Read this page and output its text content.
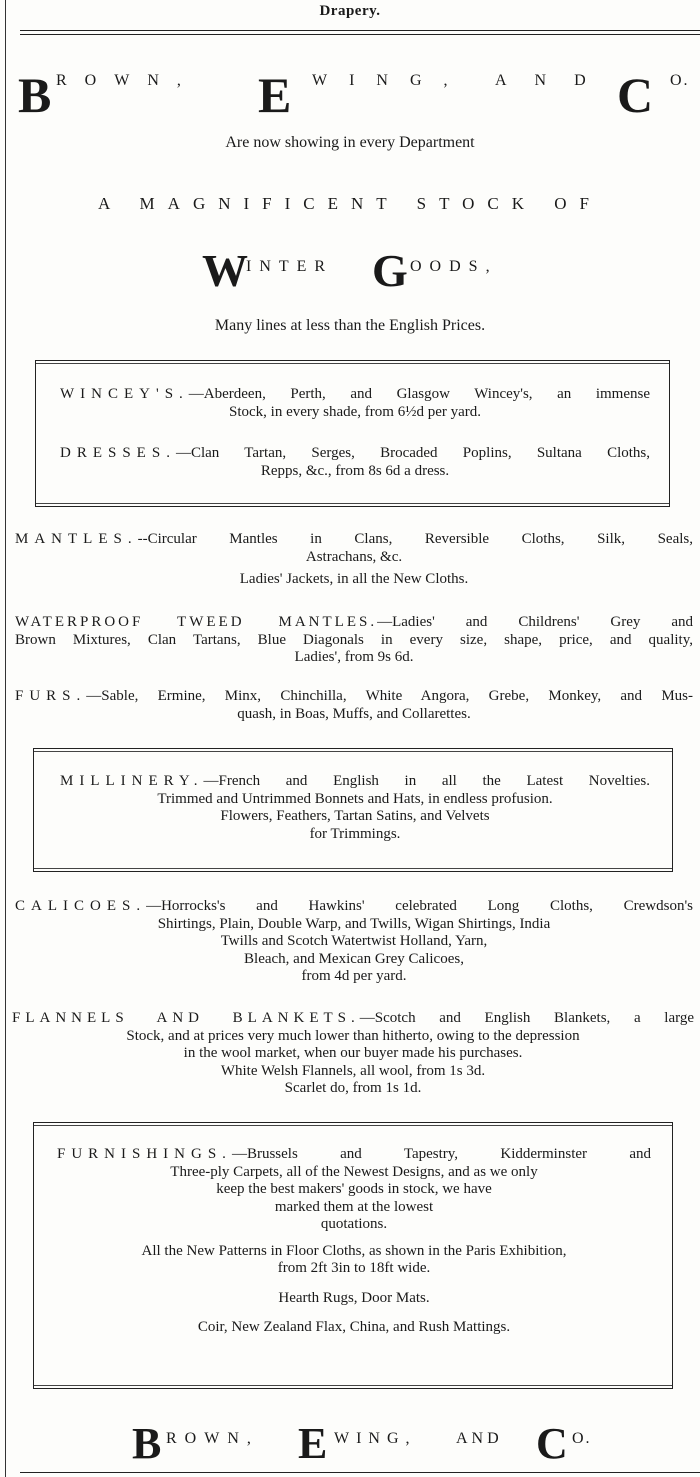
Drapery.
B ROWN, E WING, AND C O.
Are now showing in every Department
A MAGNIFICENT STOCK OF
W
INTER G OODS,
Many lines at less than the English Prices.
WINCEY'S.—Aberdeen, Perth, and Glasgow Wincey's, an immense
Stock, in every shade, from 6½d per yard.
DRESSES.—Clan Tartan, Serges, Brocaded Poplins, Sultana Cloths,
Repps, &c., from 8s 6d a dress.
MANTLES.--Circular Mantles in Clans, Reversible Cloths, Silk, Seals,
Astrachans, &c.
Ladies' Jackets, in all the New Cloths.
WATERPROOF TWEED MANTLES.—Ladies' and Childrens' Grey and
Brown Mixtures, Clan Tartans, Blue Diagonals in every size, shape, price, and quality,
Ladies', from 9s 6d.
FURS.—Sable, Ermine, Minx, Chinchilla, White Angora, Grebe, Monkey, and Mus-
quash, in Boas, Muffs, and Collarettes.
MILLINERY.—French and English in all the Latest Novelties.
Trimmed and Untrimmed Bonnets and Hats, in endless profusion.
Flowers, Feathers, Tartan Satins, and Velvets
for Trimmings.
CALICOES.—Horrocks's and Hawkins' celebrated Long Cloths, Crewdson's
Shirtings, Plain, Double Warp, and Twills, Wigan Shirtings, India
Twills and Scotch Watertwist Holland, Yarn,
Bleach, and Mexican Grey Calicoes,
from 4d per yard.
FLANNELS AND BLANKETS.—Scotch and English Blankets, a large
Stock, and at prices very much lower than hitherto, owing to the depression
in the wool market, when our buyer made his purchases.
White Welsh Flannels, all wool, from 1s 3d.
Scarlet do, from 1s 1d.
FURNISHINGS.—Brussels and Tapestry, Kidderminster and
Three-ply Carpets, all of the Newest Designs, and as we only
keep the best makers' goods in stock, we have
marked them at the lowest
quotations.
All the New Patterns in Floor Cloths, as shown in the Paris Exhibition,
from 2ft 3in to 18ft wide.
Hearth Rugs, Door Mats.
Coir, New Zealand Flax, China, and Rush Mattings.
B ROWN, E WING, AND C O.
